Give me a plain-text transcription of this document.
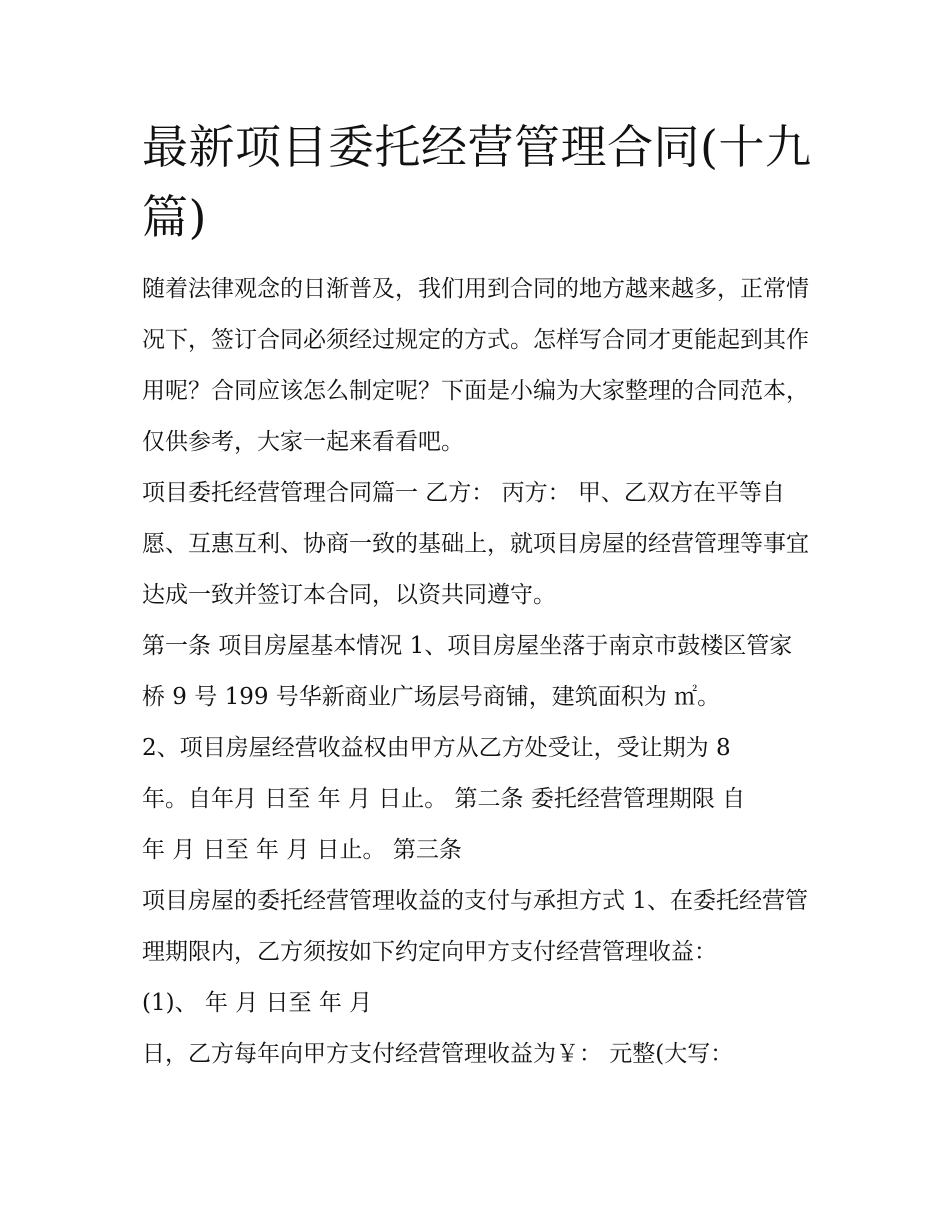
最新项目委托经营管理合同(十九篇)

随着法律观念的日渐普及，我们用到合同的地方越来越多，正常情况下，签订合同必须经过规定的方式。怎样写合同才更能起到其作用呢？合同应该怎么制定呢？下面是小编为大家整理的合同范本，仅供参考，大家一起来看看吧。

项目委托经营管理合同篇一 乙方： 丙方： 甲、乙双方在平等自愿、互惠互利、协商一致的基础上，就项目房屋的经营管理等事宜达成一致并签订本合同，以资共同遵守。

第一条 项目房屋基本情况 1、项目房屋坐落于南京市鼓楼区管家桥 9 号 199 号华新商业广场层号商铺，建筑面积为 ㎡。

2、项目房屋经营收益权由甲方从乙方处受让，受让期为 8

年。自年月 日至 年 月 日止。 第二条 委托经营管理期限 自

年 月 日至 年 月 日止。 第三条

项目房屋的委托经营管理收益的支付与承担方式 1、在委托经营管理期限内，乙方须按如下约定向甲方支付经营管理收益：

(1)、 年 月 日至 年 月

日，乙方每年向甲方支付经营管理收益为￥： 元整(大写：
